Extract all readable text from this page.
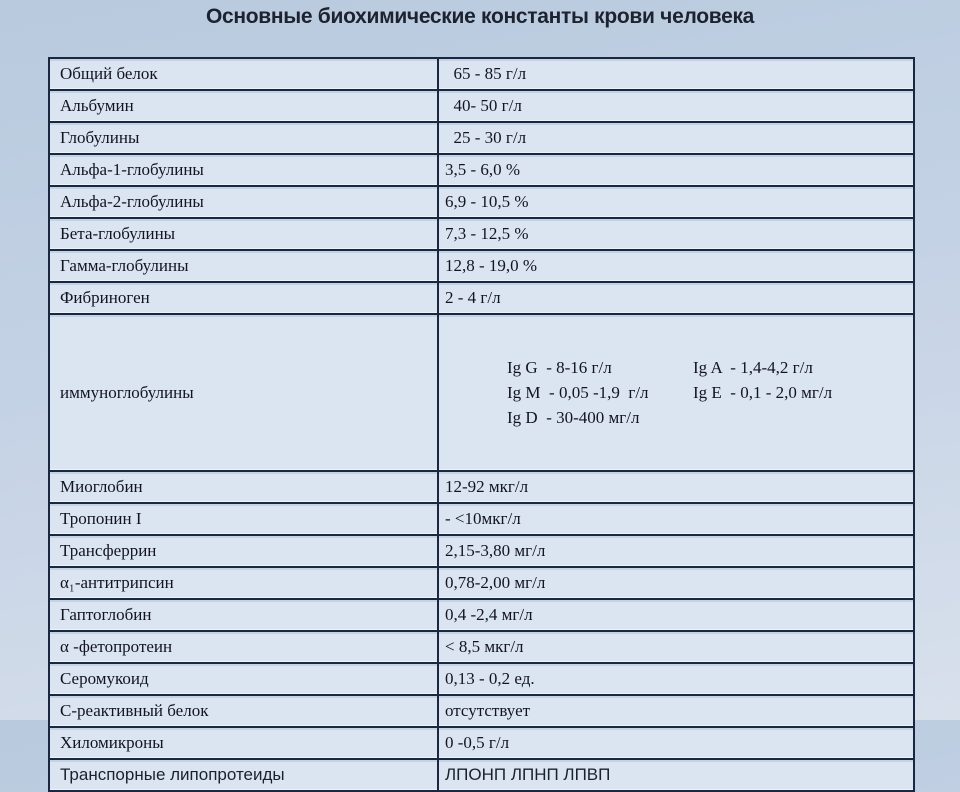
Основные биохимические константы крови человека
Общий белок	65 - 85 г/л
Альбумин	40- 50 г/л
Глобулины	25 - 30 г/л
Альфа-1-глобулины	3,5 - 6,0 %
Альфа-2-глобулины	6,9 - 10,5 %
Бета-глобулины	7,3 - 12,5 %
Гамма-глобулины	12,8 - 19,0 %
Фибриноген	2 - 4 г/л
иммуноглобулины	Ig G  - 8-16 г/л Ig A  - 1,4-4,2 г/л
Ig M  - 0,05 -1,9  г/л Ig E  - 0,1 - 2,0 мг/л
Ig D  - 30-400 мг/л

Миоглобин	12-92 мкг/л
Тропонин I	- <10мкг/л
Трансферрин	2,15-3,80 мг/л
α₁-антитрипсин	0,78-2,00 мг/л
Гаптоглобин	0,4 -2,4 мг/л
α -фетопротеин	< 8,5 мкг/л
Серомукоид	0,13 - 0,2 ед.
С-реактивный белок	отсутствует
Хиломикроны	0 -0,5 г/л
Транспорные липопротеиды	ЛПОНП ЛПНП ЛПВП
